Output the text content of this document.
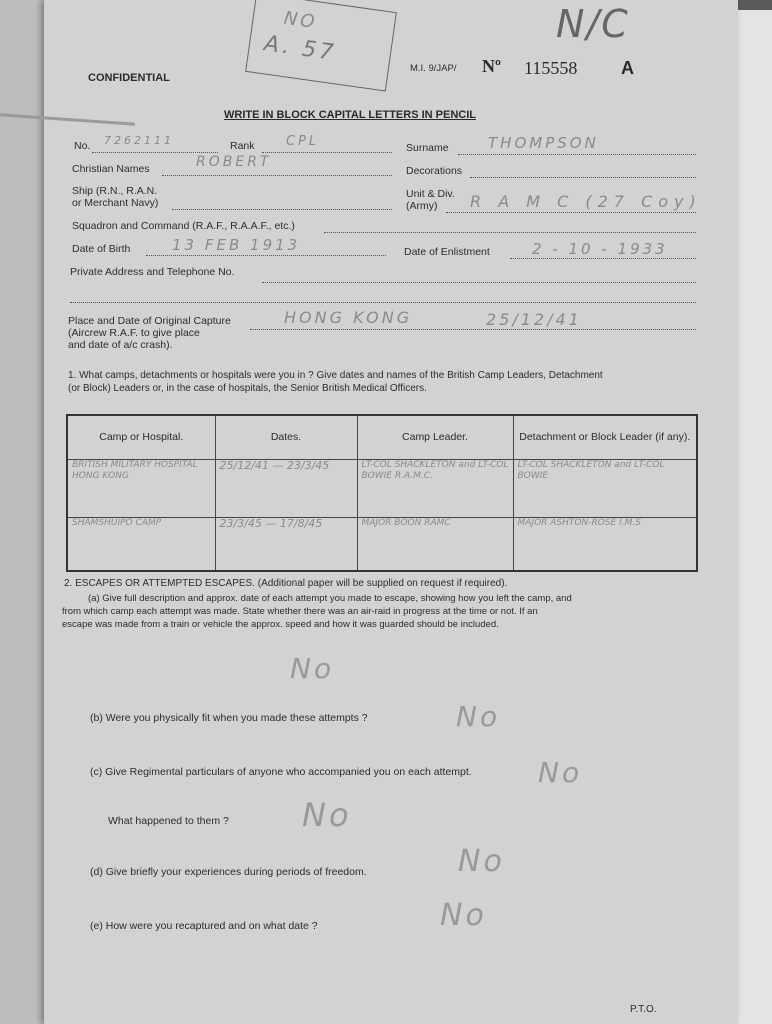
NO
A. 57
N/C
CONFIDENTIAL
M.I. 9/JAP/ Nº 115558 A
WRITE IN BLOCK CAPITAL LETTERS IN PENCIL
No. 7262111	Rank CPL	Surname	THOMPSON
Christian Names	ROBERT
Decorations
Ship (R.N., R.A.N.
or Merchant Navy)
Unit & Div.
(Army) R A M C (27 Coy)
Squadron and Command (R.A.F., R.A.A.F., etc.)
Date of Birth	13 FEB 1913	Date of Enlistment	2 - 10 - 1933
Private Address and Telephone No.
Place and Date of Original Capture
(Aircrew R.A.F. to give place
and date of a/c crash).
HONG KONG	25/12/41
1. What camps, detachments or hospitals were you in ? Give dates and names of the British Camp Leaders, Detachment
(or Block) Leaders or, in the case of hospitals, the Senior British Medical Officers.
Camp or Hospital.	Dates.	Camp Leader.	Detachment or Block Leader (if any).

BRITISH MILITARY HOSPITAL HONG KONG	25/12/41 — 23/3/45	LT-COL SHACKLETON and LT-COL BOWIE R.A.M.C.	LT-COL SHACKLETON and LT-COL BOWIE

SHAMSHUIPO CAMP	23/3/45 — 17/8/45	MAJOR BOON RAMC	MAJOR ASHTON-ROSE I.M.S
2. ESCAPES OR ATTEMPTED ESCAPES. (Additional paper will be supplied on request if required).
(a) Give full description and approx. date of each attempt you made to escape, showing how you left the camp, and
from which camp each attempt was made. State whether there was an air-raid in progress at the time or not. If an
escape was made from a train or vehicle the approx. speed and how it was guarded should be included.
No
(b) Were you physically fit when you made these attempts ?	No
(c) Give Regimental particulars of anyone who accompanied you on each attempt. No
What happened to them ? No
(d) Give briefly your experiences during periods of freedom.	No
(e) How were you recaptured and on what date ?	No
P.T.O.
